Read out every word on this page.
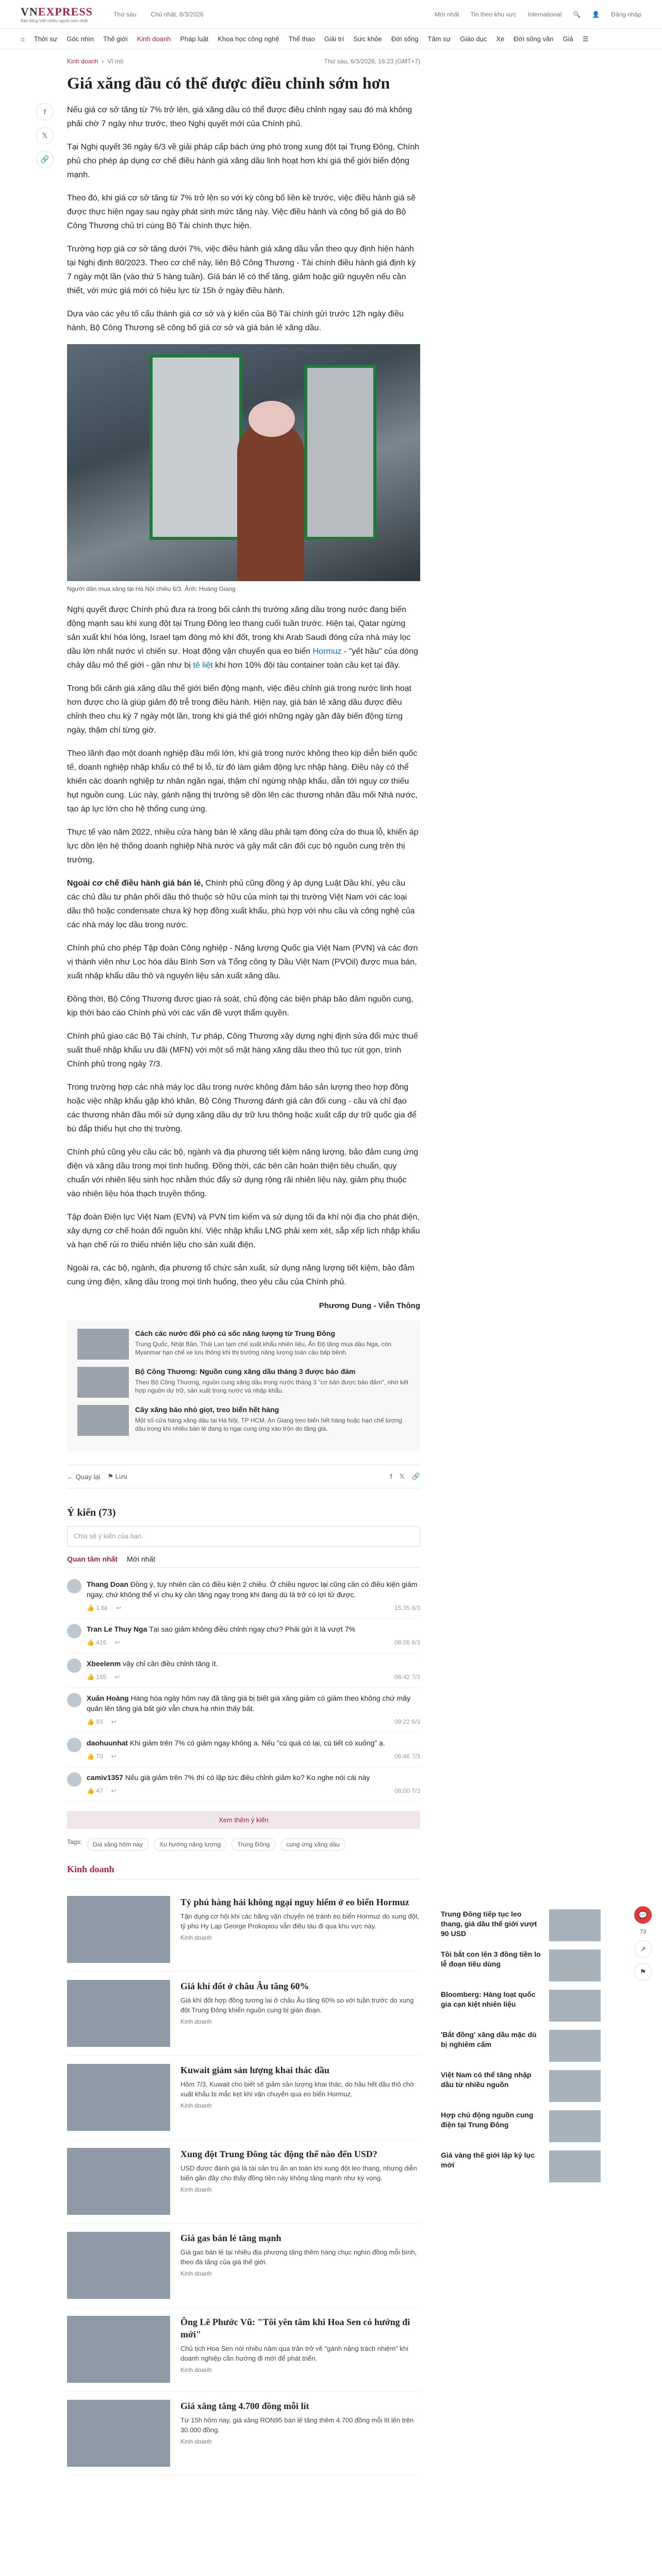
VNEXPRESS
Báo tiếng Việt nhiều người xem nhất
Thứ sáu Chủ nhật, 8/3/2026	Mới nhất Tin theo khu vực International 🔍 👤 Đăng nhập
⌂ Thời sự Góc nhìn Thế giới Kinh doanh Pháp luật Khoa học công nghệ Thể thao Giải trí Sức khỏe Đời sống Tâm sự Giáo dục Xe Đời sống văn Giả ☰
Kinh doanh  ›  Vĩ mô	Thứ sáu, 6/3/2026, 16:23 (GMT+7)
Giá xăng dầu có thể được điều chỉnh sớm hơn

Nếu giá cơ sở tăng từ 7% trở lên, giá xăng dầu có thể được điều chỉnh ngay sau đó mà không phải chờ 7 ngày như trước, theo Nghị quyết mới của Chính phủ.

Tại Nghị quyết 36 ngày 6/3 về giải pháp cấp bách ứng phó trong xung đột tại Trung Đông, Chính phủ cho phép áp dụng cơ chế điều hành giá xăng dầu linh hoạt hơn khi giá thế giới biến động mạnh.

Theo đó, khi giá cơ sở tăng từ 7% trở lên so với kỳ công bố liền kề trước, việc điều hành giá sẽ được thực hiện ngay sau ngày phát sinh mức tăng này. Việc điều hành và công bố giá do Bộ Công Thương chủ trì cùng Bộ Tài chính thực hiện.

Trường hợp giá cơ sở tăng dưới 7%, việc điều hành giá xăng dầu vẫn theo quy định hiện hành tại Nghị định 80/2023. Theo cơ chế này, liên Bộ Công Thương - Tài chính điều hành giá định kỳ 7 ngày một lần (vào thứ 5 hàng tuần). Giá bán lẻ có thể tăng, giảm hoặc giữ nguyên nếu cần thiết, với mức giá mới có hiệu lực từ 15h ở ngày điều hành.

Dựa vào các yêu tố cấu thành giá cơ sở và ý kiến của Bộ Tài chính gửi trước 12h ngày điều hành, Bộ Công Thương sẽ công bố giá cơ sở và giá bán lẻ xăng dầu.

Người dân mua xăng tại Hà Nội chiều 6/3. Ảnh: Hoàng Giang

Nghị quyết được Chính phủ đưa ra trong bối cảnh thị trường xăng dầu trong nước đang biến động mạnh sau khi xung đột tại Trung Đông leo thang cuối tuần trước. Hiện tại, Qatar ngừng sản xuất khí hóa lỏng, Israel tạm đóng mỏ khí đốt, trong khi Arab Saudi đóng cửa nhà máy lọc dầu lớn nhất nước vì chiến sự. Hoạt động vận chuyển qua eo biển Hormuz - "yết hầu" của dòng chảy dầu mỏ thế giới - gần như bị tê liệt khi hơn 10% đội tàu container toàn cầu kẹt tại đây.

Trong bối cảnh giá xăng dầu thế giới biến động mạnh, việc điều chỉnh giá trong nước linh hoạt hơn được cho là giúp giảm độ trễ trong điều hành. Hiện nay, giá bán lẻ xăng dầu được điều chỉnh theo chu kỳ 7 ngày một lần, trong khi giá thế giới những ngày gần đây biến động từng ngày, thậm chí từng giờ.

Theo lãnh đạo một doanh nghiệp đầu mối lớn, khi giá trong nước không theo kịp diễn biến quốc tế, doanh nghiệp nhập khẩu có thể bị lỗ, từ đó làm giảm động lực nhập hàng. Điều này có thể khiến các doanh nghiệp tư nhân ngần ngại, thậm chí ngừng nhập khẩu, dẫn tới nguy cơ thiếu hụt nguồn cung. Lúc này, gánh nặng thị trường sẽ dồn lên các thương nhân đầu mối Nhà nước, tạo áp lực lớn cho hệ thống cung ứng.

Thực tế vào năm 2022, nhiều cửa hàng bán lẻ xăng dầu phải tạm đóng cửa do thua lỗ, khiến áp lực dồn lên hệ thống doanh nghiệp Nhà nước và gây mất cân đối cục bộ nguồn cung trên thị trường.

Ngoài cơ chế điều hành giá bán lẻ, Chính phủ cũng đồng ý áp dụng Luật Dầu khí, yêu cầu các chủ đầu tư phân phối dầu thô thuộc sở hữu của mình tại thị trường Việt Nam với các loại dầu thô hoặc condensate chưa ký hợp đồng xuất khẩu, phù hợp với nhu cầu và công nghệ của các nhà máy lọc dầu trong nước.

Chính phủ cho phép Tập đoàn Công nghiệp - Năng lượng Quốc gia Việt Nam (PVN) và các đơn vị thành viên như Lọc hóa dầu Bình Sơn và Tổng công ty Dầu Việt Nam (PVOil) được mua bán, xuất nhập khẩu dầu thô và nguyên liệu sản xuất xăng dầu.

Đồng thời, Bộ Công Thương được giao rà soát, chủ động các biện pháp bảo đảm nguồn cung, kịp thời báo cáo Chính phủ với các vấn đề vượt thẩm quyền.

Chính phủ giao các Bộ Tài chính, Tư pháp, Công Thương xây dựng nghị định sửa đổi mức thuế suất thuế nhập khẩu ưu đãi (MFN) với một số mặt hàng xăng dầu theo thủ tục rút gọn, trình Chính phủ trong ngày 7/3.

Trong trường hợp các nhà máy lọc dầu trong nước không đảm bảo sản lượng theo hợp đồng hoặc việc nhập khẩu gặp khó khăn, Bộ Công Thương đánh giá cân đối cung - cầu và chỉ đạo các thương nhân đầu mối sử dụng xăng dầu dự trữ lưu thông hoặc xuất cấp dự trữ quốc gia để bù đắp thiếu hụt cho thị trường.

Chính phủ cũng yêu cầu các bộ, ngành và địa phương tiết kiệm năng lượng, bảo đảm cung ứng điện và xăng dầu trong mọi tình huống. Đồng thời, các bên cần hoàn thiện tiêu chuẩn, quy chuẩn với nhiên liệu sinh học nhằm thúc đẩy sử dụng rộng rãi nhiên liệu này, giảm phụ thuộc vào nhiên liệu hóa thạch truyền thống.

Tập đoàn Điện lực Việt Nam (EVN) và PVN tìm kiếm và sử dụng tối đa khí nội địa cho phát điện, xây dựng cơ chế hoán đổi nguồn khí. Việc nhập khẩu LNG phải xem xét, sắp xếp lịch nhập khẩu và hạn chế rủi ro thiếu nhiên liệu cho sản xuất điện.

Ngoài ra, các bộ, ngành, địa phương tổ chức sản xuất, sử dụng năng lượng tiết kiệm, bảo đảm cung ứng điện, xăng dầu trong mọi tình huống, theo yêu cầu của Chính phủ.

Phương Dung - Viễn Thông
Cách các nước đối phó cú sốc năng lượng từ Trung Đông
Trung Quốc, Nhật Bản, Thái Lan tạm chế xuất khẩu nhiên liệu, Ấn Độ tăng mua dầu Nga, còn Myanmar hạn chế xe lưu thông khi thị trường năng lượng toàn cầu bấp bênh.
Bộ Công Thương: Nguồn cung xăng dầu tháng 3 được bảo đảm
Theo Bộ Công Thương, nguồn cung xăng dầu trong nước tháng 3 "cơ bản được bảo đảm", nhờ kết hợp nguồn dự trữ, sản xuất trong nước và nhập khẩu.
Cây xăng báo nhỏ giọt, treo biển hết hàng
Một số cửa hàng xăng dầu tại Hà Nội, TP HCM, An Giang treo biển hết hàng hoặc hạn chế lượng dầu trong khi nhiều bán lẻ đang lo ngại cung ứng xáo trộn do tăng giá.
← Quay lại ⚑ Lưu	f 𝕏 🔗
Ý kiến (73)
Chia sẻ ý kiến của bạn
Quan tâm nhất Mới nhất
Thang Doan Đồng ý, tuy nhiên cần có điều kiện 2 chiều. Ở chiều ngược lại cũng cần có điều kiện giảm ngay, chứ không thể vì chu kỳ cần tăng ngay trong khi đang dù là trở có lợi tử được.
👍 1.6k ↩	15:35 6/3
Tran Le Thuy Nga Tại sao giảm không điều chỉnh ngay chứ? Phải gửi ít là vượt 7%
👍 416 ↩	08:06 6/3
Xbeelenm vậy chỉ cần điều chỉnh tăng ít.
👍 165 ↩	06:42 7/3
Xuân Hoàng Hàng hóa ngày hôm nay đã tăng giá bị biết giá xăng giảm có giảm theo không chứ mây quân lên tăng giá bất giờ vẫn chưa hạ nhìn thấy bất.
👍 93 ↩	09:22 6/3
daohuunhat Khi giảm trên 7% có giảm ngay không a. Nếu "cú quá có lại, cú tiết có xuống" ạ.
👍 70 ↩	06:46 7/3
camiv1357 Nếu giá giảm trên 7% thì có lập tức điều chỉnh giảm ko? Ko nghe nói cái này
👍 47 ↩	08:00 7/3
Xem thêm ý kiến
Tags:	Giá xăng hôm nay	Xu hướng năng lượng	Trung Đông	cung ứng xăng dầu
Kinh doanh
Tỷ phú hàng hải không ngại nguy hiểm ở eo biển Hormuz
Tận dụng cơ hội khi các hãng vận chuyển né tránh eo biển Hormuz do xung đột, tỷ phú Hy Lạp George Prokopiou vẫn điều tàu đi qua khu vực này.
Kinh doanh
Giá khí đốt ở châu Âu tăng 60%
Giá khí đốt hợp đồng tương lai ở châu Âu tăng 60% so với tuần trước do xung đột Trung Đông khiến nguồn cung bị gián đoạn.
Kinh doanh
Kuwait giảm sản lượng khai thác dầu
Hôm 7/3, Kuwait cho biết sẽ giảm sản lượng khai thác, do hầu hết dầu thô chờ xuất khẩu bị mắc kẹt khi vận chuyển qua eo biển Hormuz.
Kinh doanh
Xung đột Trung Đông tác động thế nào đến USD?
USD được đánh giá là tài sản trú ẩn an toàn khi xung đột leo thang, nhưng diễn biến gần đây cho thấy đồng tiền này không tăng mạnh như kỳ vọng.
Kinh doanh
Giá gas bán lẻ tăng mạnh
Giá gas bán lẻ tại nhiều địa phương tăng thêm hàng chục nghìn đồng mỗi bình, theo đà tăng của giá thế giới.
Kinh doanh
Ông Lê Phước Vũ: "Tôi yên tâm khi Hoa Sen có hướng đi mới"
Chủ tịch Hoa Sen nói nhiều năm qua trăn trở về "gánh nặng trách nhiệm" khi doanh nghiệp cần hướng đi mới để phát triển.
Kinh doanh
Giá xăng tăng 4.700 đồng mỗi lít
Từ 15h hôm nay, giá xăng RON95 bán lẻ tăng thêm 4.700 đồng mỗi lít lên trên 30.000 đồng.
Kinh doanh
Trung Đông tiếp tục leo thang, giá dầu thế giới vượt 90 USD
Tôi bắt con lên 3 đồng tiền lo lễ đoạn tiêu dùng
Bloomberg: Hàng loạt quốc gia cạn kiệt nhiên liệu
'Bắt đồng' xăng dầu mặc dù bị nghiêm cấm
Việt Nam có thể tăng nhập dầu từ nhiều nguồn
Hợp chủ động nguồn cung điện tại Trung Đông
Giá vàng thế giới lập kỷ lục mới
f
𝕏
🔗
💬
73
↗
⚑
